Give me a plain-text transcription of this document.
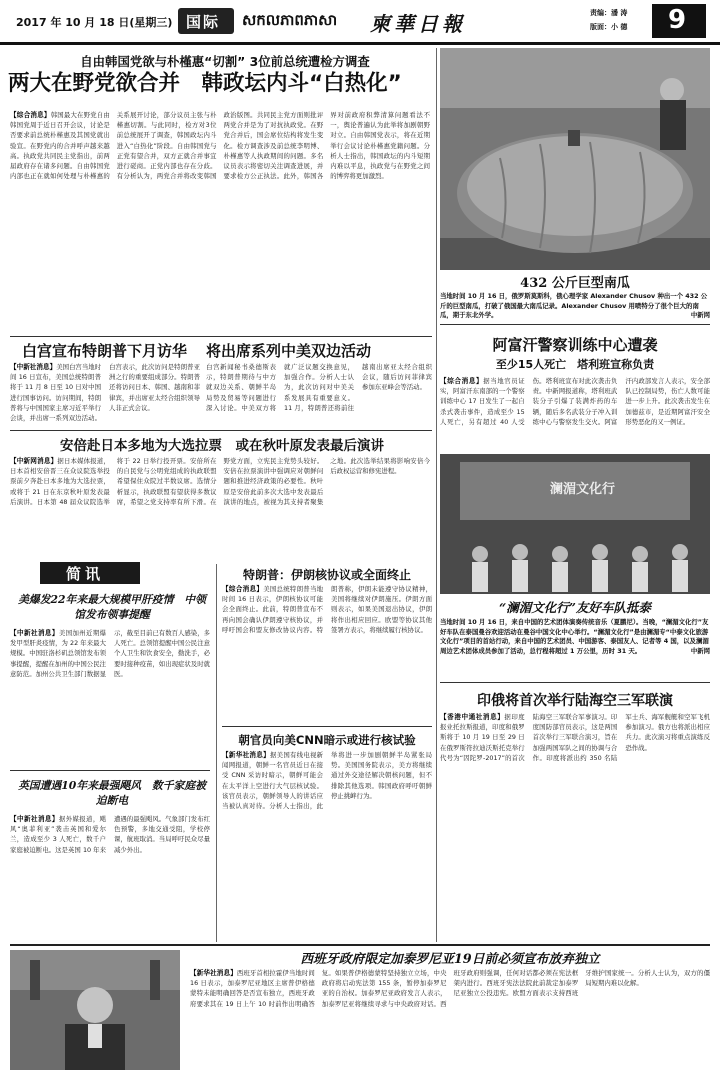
2017 年 10 月 18 日(星期三) 国际 សកលភាពភាសា 柬華日報	责编：潘 涛
版面：小 德 9
自由韩国党欲与朴槿惠“切割” 3位前总统遭检方调查
两大在野党欲合并　韩政坛内斗“白热化”
【综合消息】韩国最大在野党自由韩国党周于近日召开会议，讨论是否要求前总统朴槿惠及其国党就出验宣。在野党内的合并呼声越来越高。执政党共同民主党指出，前两届政府存在诸多问题。自由韩国党内部也正在就如何处理与朴槿惠的关系展开讨论，部分议员主张与朴槿惠切割。与此同时，检方对3位前总统展开了调查，韩国政坛内斗进入“白热化”阶段。自由韩国党与正党有望合并，双方正就合并事宜进行磋商。正党内部也存在分歧。有分析认为，两党合并将改变韩国政治版图。共同民主党方面则批评两党合并是为了对抗执政党。在野党合并后，国会席位结构将发生变化。检方调查涉及前总统李明博、朴槿惠等人执政期间的问题。多名议员表示将密切关注调查进展，并要求检方公正执法。此外，韩国各界对前政府积弊清算问题看法不一，舆论普遍认为此举将加剧朝野对立。自由韩国党表示，将在近期举行会议讨论朴槿惠党籍问题。分析人士指出，韩国政坛的内斗短期内难以平息，执政党与在野党之间的博弈将更加激烈。
432 公斤巨型南瓜
当地时间 10 月 16 日，俄罗斯莫斯科，俄心理学家 Alexander Chusov 种出一个 432 公斤的巨型南瓜，打破了俄国最大南瓜记录。Alexander Chusov 用喷特分了很个巨大的南瓜，期于东北外学。	中新网
阿富汗警察训练中心遭袭
至少15人死亡　塔利班宣称负责
【综合消息】据当地官员证实，阿富汗东南部的一个警察训练中心 17 日发生了一起自杀式袭击事件，造成至少 15 人死亡，另有超过 40 人受伤。塔利班宣布对此次袭击负责。中新网报道称，塔利班武装分子引爆了装满炸药的车辆，随后多名武装分子冲入训练中心与警察发生交火。阿富汗内政部发言人表示，安全部队已控制局势，伤亡人数可能进一步上升。此次袭击发生在加德兹市，是近期阿富汗安全形势恶化的又一例证。
白宫宣布特朗普下月访华
【中新社消息】美国白宫当地时间 16 日宣布，美国总统特朗普将于 11 月 8 日至 10 日对中国进行国事访问。访问期间，特朗普将与中国国家主席习近平举行会谈，并出席一系列双边活动。白宫表示，此次访问是特朗普亚洲之行的重要组成部分。特朗普还将访问日本、韩国、越南和菲律宾，并出席亚太经合组织领导人非正式会议。
将出席系列中美双边活动
白宫新闻秘书桑德斯表示，特朗普期待与中方就双边关系、朝鲜半岛局势及贸易等问题进行深入讨论。中美双方将就广泛议题交换意见，加强合作。分析人士认为，此次访问对中美关系发展具有重要意义。11 月，特朗普还将前往越南出席亚太经合组织会议，随后访问菲律宾参加东亚峰会等活动。
安倍赴日本多地为大选拉票　或在秋叶原发表最后演讲
【中新网消息】据日本媒体报道，日本首相安倍晋三在众议院选举投票前夕奔赴日本多地为大选拉票，或将于 21 日在东京秋叶原发表最后演讲。日本第 48 届众议院选举将于 22 日举行投开票。安倍所在的自民党与公明党组成的执政联盟希望保住众院过半数议席。选情分析显示，执政联盟有望获得多数议席，希望之党支持率有所下滑。在野党方面，立宪民主党势头较好。安倍在拉票演讲中强调应对朝鲜问题和推进经济政策的必要性。秋叶原是安倍此前多次大选中发表最后演讲的地点，被视为其支持者聚集之地。此次选举结果将影响安倍今后政权运营和修宪进程。
澜湄文化行
“澜湄文化行”友好车队抵泰
当地时间 10 月 16 日，来自中国的艺术团体演奏传统音乐（夏鹏尼）。当晚，“澜湄文化行”友好车队在泰国曼谷欢迎活动在曼谷中国文化中心举行。“澜湄文化行”是由澜湄专“中泰文化旅游文化行”项目的首站行动，来自中国的艺术团员、中国游客、泰国友人、记者等 4 国，以及澜湄周边艺术团体成员参加了活动，总行程将超过 1 万公里，历时 31 天。	中新网
简讯
美爆发22年来最大规模甲肝疫情　中领馆发布领事提醒
【中新社消息】美国加州近期爆发甲型肝炎疫情，为 22 年来最大规模。中国驻洛杉矶总领馆发布领事提醒，提醒在加州的中国公民注意防范。加州公共卫生部门数据显示，截至目前已有数百人感染，多人死亡。总领馆提醒中国公民注意个人卫生和饮食安全，勤洗手，必要时接种疫苗，如出现症状及时就医。
英国遭遇10年来最强飓风　数千家庭被迫断电
【中新社消息】据外媒报道，飓风“奥菲利亚”袭击英国和爱尔兰，造成至少 3 人死亡，数千户家庭被迫断电。这是英国 10 年来遭遇的最强飓风。气象部门发布红色预警，多地交通受阻，学校停课，航班取消。当局呼吁民众尽量减少外出。
特朗普：伊朗核协议或全面终止
【综合消息】美国总统特朗普当地时间 16 日表示，伊朗核协议可能会全面终止。此前，特朗普宣布不再向国会确认伊朗遵守核协议，并呼吁国会和盟友修改协议内容。特朗普称，伊朗未能遵守协议精神，美国将继续对伊朗施压。伊朗方面则表示，如果美国退出协议，伊朗将作出相应回应。欧盟等协议其他签署方表示，将继续履行核协议。
朝官员向美CNN暗示或进行核试验
【新华社消息】据美国有线电视新闻网报道，朝鲜一名官员近日在接受 CNN 采访时暗示，朝鲜可能会在太平洋上空进行大气层核试验。该官员表示，朝鲜领导人的讲话应当被认真对待。分析人士指出，此举将进一步加剧朝鲜半岛紧张局势。美国国务院表示，美方将继续通过外交途径解决朝核问题，但不排除其他选项。韩国政府呼吁朝鲜停止挑衅行为。
印俄将首次举行陆海空三军联演
【香港中通社消息】据印度报业托拉斯报道，印度和俄罗斯将于 10 月 19 日至 29 日在俄罗斯符拉迪沃斯托克举行代号为“因陀罗-2017”的首次陆海空三军联合军事演习。印度国防部官员表示，这是两国首次举行三军联合演习，旨在加强两国军队之间的协调与合作。印度将派出约 350 名陆军士兵、海军舰艇和空军飞机参加演习。俄方也将派出相应兵力。此次演习将重点演练反恐作战。
西班牙政府限定加泰罗尼亚19日前必须宣布放弃独立
【新华社消息】西班牙首相拉霍伊当地时间 16 日表示，加泰罗尼亚地区主席普伊格德蒙特未能明确回答是否宣布独立，西班牙政府要求其在 19 日上午 10 时前作出明确答复。如果普伊格德蒙特坚持独立立场，中央政府将启动宪法第 155 条，暂停加泰罗尼亚的自治权。加泰罗尼亚政府发言人表示，加泰罗尼亚将继续寻求与中央政府对话。西班牙政府则强调，任何对话都必须在宪法框架内进行。西班牙宪法法院此前裁定加泰罗尼亚独立公投违宪。欧盟方面表示支持西班牙维护国家统一。分析人士认为，双方的僵局短期内难以化解。
